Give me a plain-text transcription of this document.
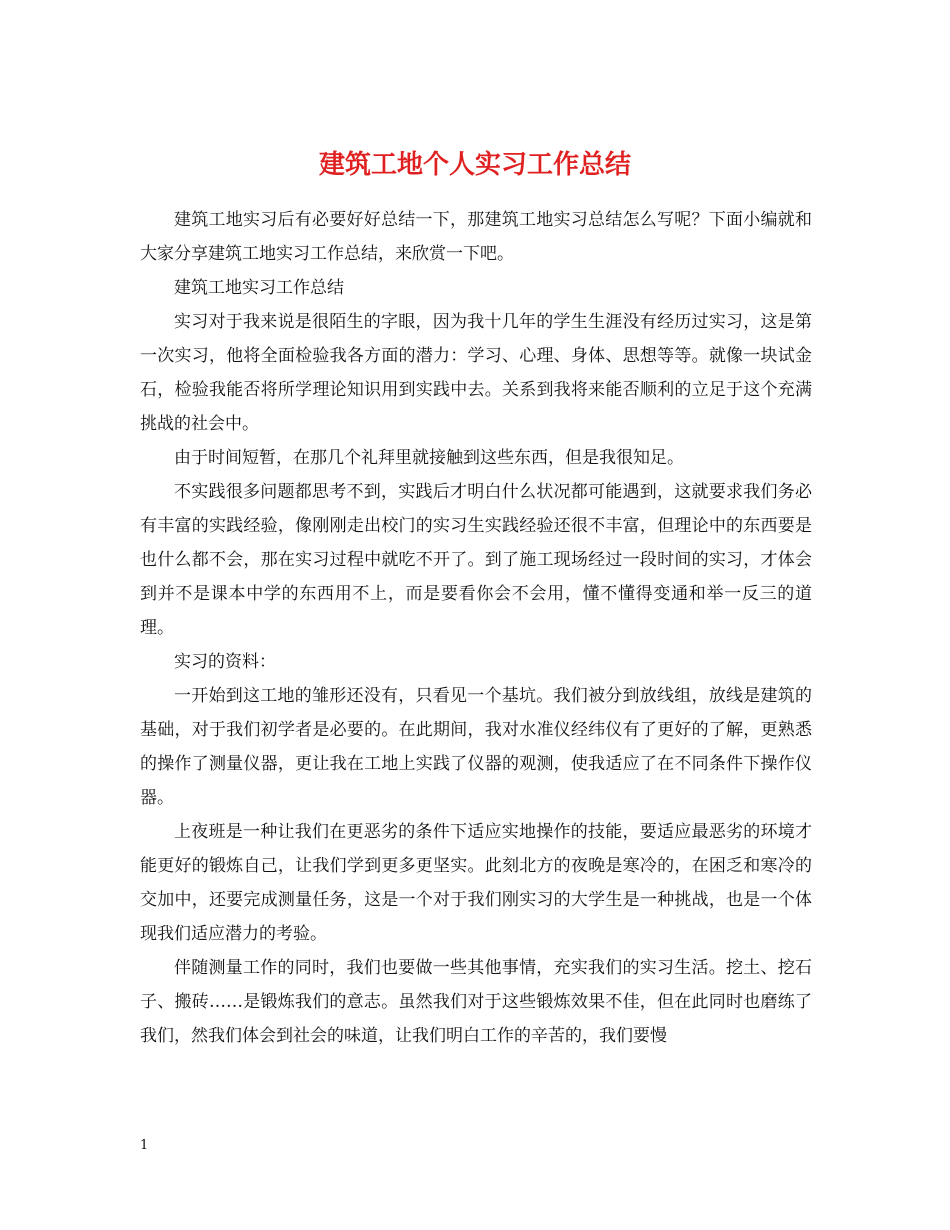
建筑工地个人实习工作总结

建筑工地实习后有必要好好总结一下，那建筑工地实习总结怎么写呢？下面小编就和大家分享建筑工地实习工作总结，来欣赏一下吧。

建筑工地实习工作总结

实习对于我来说是很陌生的字眼，因为我十几年的学生生涯没有经历过实习，这是第一次实习，他将全面检验我各方面的潜力：学习、心理、身体、思想等等。就像一块试金石，检验我能否将所学理论知识用到实践中去。关系到我将来能否顺利的立足于这个充满挑战的社会中。

由于时间短暂，在那几个礼拜里就接触到这些东西，但是我很知足。

不实践很多问题都思考不到，实践后才明白什么状况都可能遇到，这就要求我们务必有丰富的实践经验，像刚刚走出校门的实习生实践经验还很不丰富，但理论中的东西要是也什么都不会，那在实习过程中就吃不开了。到了施工现场经过一段时间的实习，才体会到并不是课本中学的东西用不上，而是要看你会不会用，懂不懂得变通和举一反三的道理。

实习的资料：

一开始到这工地的雏形还没有，只看见一个基坑。我们被分到放线组，放线是建筑的基础，对于我们初学者是必要的。在此期间，我对水准仪经纬仪有了更好的了解，更熟悉的操作了测量仪器，更让我在工地上实践了仪器的观测，使我适应了在不同条件下操作仪器。

上夜班是一种让我们在更恶劣的条件下适应实地操作的技能，要适应最恶劣的环境才能更好的锻炼自己，让我们学到更多更坚实。此刻北方的夜晚是寒冷的，在困乏和寒冷的交加中，还要完成测量任务，这是一个对于我们刚实习的大学生是一种挑战，也是一个体现我们适应潜力的考验。

伴随测量工作的同时，我们也要做一些其他事情，充实我们的实习生活。挖土、挖石子、搬砖……是锻炼我们的意志。虽然我们对于这些锻炼效果不佳，但在此同时也磨练了我们，然我们体会到社会的味道，让我们明白工作的辛苦的，我们要慢

1
